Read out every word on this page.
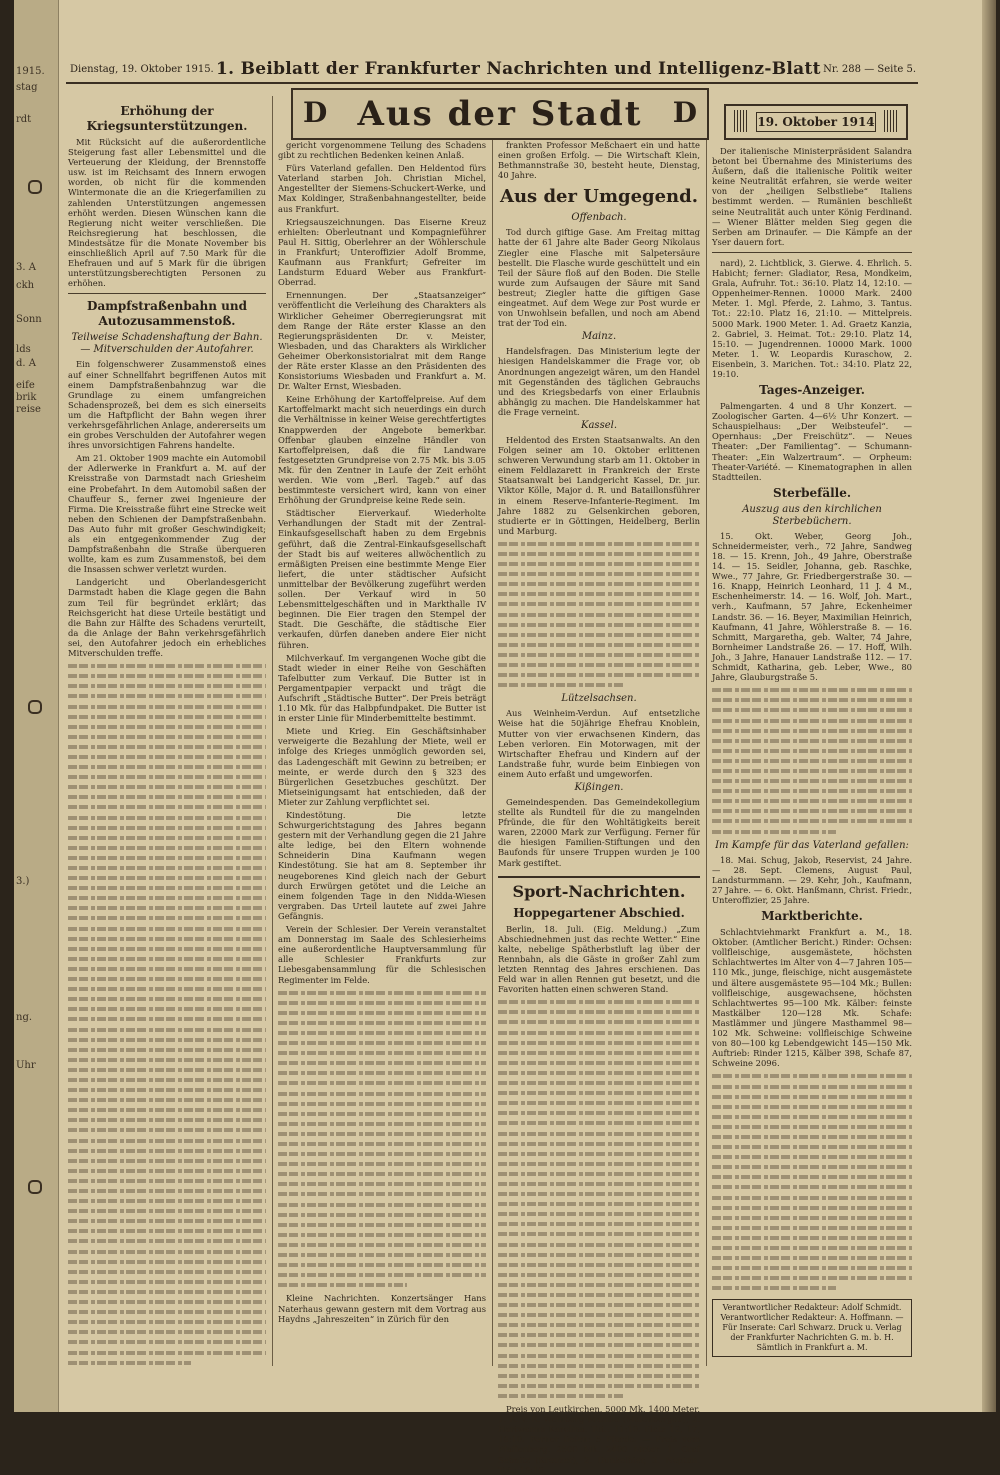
1915.
stag
rdt
3. A
ckh
Sonn
lds
d. A
eife
brik
reise
3.)
ng.
Uhr
Dienstag, 19. Oktober 1915. 1. Beiblatt der Frankfurter Nachrichten und Intelligenz-Blatt Nr. 288 — Seite 5.
D Aus der Stadt	D	19. Oktober 1914
Erhöhung der Kriegsunterstützungen.

Mit Rücksicht auf die außerordentliche Steigerung fast aller Lebensmittel und die Verteuerung der Kleidung, der Brennstoffe usw. ist im Reichsamt des Innern erwogen worden, ob nicht für die kommenden Wintermonate die an die Kriegerfamilien zu zahlenden Unterstützungen angemessen erhöht werden. Diesen Wünschen kann die Regierung nicht weiter verschließen. Die Reichsregierung hat beschlossen, die Mindestsätze für die Monate November bis einschließlich April auf 7.50 Mark für die Ehefrauen und auf 5 Mark für die übrigen unterstützungsberechtigten Personen zu erhöhen.

Dampfstraßenbahn und Autozusammenstoß.
Teilweise Schadenshaftung der Bahn. — Mitverschulden der Autofahrer.

Ein folgenschwerer Zusammenstoß eines auf einer Schnellfahrt begriffenen Autos mit einem Dampfstraßenbahnzug war die Grundlage zu einem umfangreichen Schadensprozeß, bei dem es sich einerseits um die Haftpflicht der Bahn wegen ihrer verkehrsgefährlichen Anlage, andererseits um ein grobes Verschulden der Autofahrer wegen ihres unvorsichtigen Fahrens handelte.

Am 21. Oktober 1909 machte ein Automobil der Adlerwerke in Frankfurt a. M. auf der Kreisstraße von Darmstadt nach Griesheim eine Probefahrt. In dem Automobil saßen der Chauffeur S., ferner zwei Ingenieure der Firma. Die Kreisstraße führt eine Strecke weit neben den Schienen der Dampfstraßenbahn. Das Auto fuhr mit großer Geschwindigkeit; als ein entgegenkommender Zug der Dampfstraßenbahn die Straße überqueren wollte, kam es zum Zusammenstoß, bei dem die Insassen schwer verletzt wurden.

Landgericht und Oberlandesgericht Darmstadt haben die Klage gegen die Bahn zum Teil für begründet erklärt; das Reichsgericht hat diese Urteile bestätigt und die Bahn zur Hälfte des Schadens verurteilt, da die Anlage der Bahn verkehrsgefährlich sei, den Autofahrer jedoch ein erhebliches Mitverschulden treffe.

gericht vorgenommene Teilung des Schadens gibt zu rechtlichen Bedenken keinen Anlaß.

Fürs Vaterland gefallen. Den Heldentod fürs Vaterland starben Joh. Christian Michel, Angestellter der Siemens-Schuckert-Werke, und Max Koldinger, Straßenbahnangestellter, beide aus Frankfurt.

Kriegsauszeichnungen. Das Eiserne Kreuz erhielten: Oberleutnant und Kompagnieführer Paul H. Sittig, Oberlehrer an der Wöhlerschule in Frankfurt; Unteroffizier Adolf Bromme, Kaufmann aus Frankfurt; Gefreiter im Landsturm Eduard Weber aus Frankfurt-Oberrad.

Ernennungen. Der „Staatsanzeiger“ veröffentlicht die Verleihung des Charakters als Wirklicher Geheimer Oberregierungsrat mit dem Range der Räte erster Klasse an den Regierungspräsidenten Dr. v. Meister, Wiesbaden, und das Charakters als Wirklicher Geheimer Oberkonsistorialrat mit dem Range der Räte erster Klasse an den Präsidenten des Konsistoriums Wiesbaden und Frankfurt a. M. Dr. Walter Ernst, Wiesbaden.

Keine Erhöhung der Kartoffelpreise. Auf dem Kartoffelmarkt macht sich neuerdings ein durch die Verhältnisse in keiner Weise gerechtfertigtes Knappwerden der Angebote bemerkbar. Offenbar glauben einzelne Händler von Kartoffelpreisen, daß die für Landware festgesetzten Grundpreise von 2.75 Mk. bis 3.05 Mk. für den Zentner in Laufe der Zeit erhöht werden. Wie vom „Berl. Tageb.“ auf das bestimmteste versichert wird, kann von einer Erhöhung der Grundpreise keine Rede sein.

Städtischer Eierverkauf. Wiederholte Verhandlungen der Stadt mit der Zentral-Einkaufsgesellschaft haben zu dem Ergebnis geführt, daß die Zentral-Einkaufsgesellschaft der Stadt bis auf weiteres allwöchentlich zu ermäßigten Preisen eine bestimmte Menge Eier liefert, die unter städtischer Aufsicht unmittelbar der Bevölkerung zugeführt werden sollen. Der Verkauf wird in 50 Lebensmittelgeschäften und in Markthalle IV beginnen. Die Eier tragen den Stempel der Stadt. Die Geschäfte, die städtische Eier verkaufen, dürfen daneben andere Eier nicht führen.

Milchverkauf. Im vergangenen Woche gibt die Stadt wieder in einer Reihe von Geschäften Tafelbutter zum Verkauf. Die Butter ist in Pergamentpapier verpackt und trägt die Aufschrift „Städtische Butter“. Der Preis beträgt 1.10 Mk. für das Halbpfundpaket. Die Butter ist in erster Linie für Minderbemittelte bestimmt.

Miete und Krieg. Ein Geschäftsinhaber verweigerte die Bezahlung der Miete, weil er infolge des Krieges unmöglich geworden sei, das Ladengeschäft mit Gewinn zu betreiben; er meinte, er werde durch den § 323 des Bürgerlichen Gesetzbuches geschützt. Der Mietseinigungsamt hat entschieden, daß der Mieter zur Zahlung verpflichtet sei.

Kindestötung. Die letzte Schwurgerichtstagung des Jahres begann gestern mit der Verhandlung gegen die 21 Jahre alte ledige, bei den Eltern wohnende Schneiderin Dina Kaufmann wegen Kindestötung. Sie hat am 8. September ihr neugeborenes Kind gleich nach der Geburt durch Erwürgen getötet und die Leiche an einem folgenden Tage in den Nidda-Wiesen vergraben. Das Urteil lautete auf zwei Jahre Gefängnis.

Verein der Schlesier. Der Verein veranstaltet am Donnerstag im Saale des Schlesierheims eine außerordentliche Hauptversammlung für alle Schlesier Frankfurts zur Liebesgabensammlung für die Schlesischen Regimenter im Felde.

Kleine Nachrichten. Konzertsänger Hans Naterhaus gewann gestern mit dem Vortrag aus Haydns „Jahreszeiten“ in Zürich für den

frankten Professor Meßchaert ein und hatte einen großen Erfolg. — Die Wirtschaft Klein, Bethmannstraße 30, besteht heute, Dienstag, 40 Jahre.

Aus der Umgegend.
Offenbach.

Tod durch giftige Gase. Am Freitag mittag hatte der 61 Jahre alte Bader Georg Nikolaus Ziegler eine Flasche mit Salpetersäure bestellt. Die Flasche wurde geschüttelt und ein Teil der Säure floß auf den Boden. Die Stelle wurde zum Aufsaugen der Säure mit Sand bestreut; Ziegler hatte die giftigen Gase eingeatmet. Auf dem Wege zur Post wurde er von Unwohlsein befallen, und noch am Abend trat der Tod ein.

Mainz.

Handelsfragen. Das Ministerium legte der hiesigen Handelskammer die Frage vor, ob Anordnungen angezeigt wären, um den Handel mit Gegenständen des täglichen Gebrauchs und des Kriegsbedarfs von einer Erlaubnis abhängig zu machen. Die Handelskammer hat die Frage verneint.

Kassel.

Heldentod des Ersten Staatsanwalts. An den Folgen seiner am 10. Oktober erlittenen schweren Verwundung starb am 11. Oktober in einem Feldlazarett in Frankreich der Erste Staatsanwalt bei Landgericht Kassel, Dr. jur. Viktor Kölle, Major d. R. und Bataillonsführer in einem Reserve-Infanterie-Regiment. Im Jahre 1882 zu Gelsenkirchen geboren, studierte er in Göttingen, Heidelberg, Berlin und Marburg.

Lützelsachsen.

Aus Weinheim-Verdun. Auf entsetzliche Weise hat die 50jährige Ehefrau Knoblein, Mutter von vier erwachsenen Kindern, das Leben verloren. Ein Motorwagen, mit der Wirtschafter Ehefrau und Kindern auf der Landstraße fuhr, wurde beim Einbiegen von einem Auto erfaßt und umgeworfen.

Kißingen.

Gemeindespenden. Das Gemeindekollegium stellte als Rundteil für die zu mangelnden Pfründe, die für den Wohltätigkeits bereit waren, 22000 Mark zur Verfügung. Ferner für die hiesigen Familien-Stiftungen und den Baufonds für unsere Truppen wurden je 100 Mark gestiftet.

Sport-Nachrichten.
Hoppegartener Abschied.

Berlin, 18. Juli. (Eig. Meldung.) „Zum Abschiednehmen just das rechte Wetter.“ Eine kalte, nebelige Spätherbstluft lag über der Rennbahn, als die Gäste in großer Zahl zum letzten Renntag des Jahres erschienen. Das Feld war in allen Rennen gut besetzt, und die Favoriten hatten einen schweren Stand.

Preis von Leutkirchen. 5000 Mk. 1400 Meter. 1. R. v. R. Weinberg Mamila (Malenbergau), 2. Hartwanns Karolina. Tot.: 11:10. Platz 12, 17, 18:10. Ferner liefen: 5 Pferde. — Preis vom Pfaffenberg. 2500 Mk. 2400 Meter. 1. Graf Sebnitz (Kreuzer), 2. Dunkelbier, 3. Neptun. Tot.: 18:10.

Der italienische Ministerpräsident Salandra betont bei Übernahme des Ministeriums des Äußern, daß die italienische Politik weiter keine Neutralität erfahren, sie werde weiter von der „heiligen Selbstliebe“ Italiens bestimmt werden. — Rumänien beschließt seine Neutralität auch unter König Ferdinand. — Wiener Blätter melden Sieg gegen die Serben am Drinaufer. — Die Kämpfe an der Yser dauern fort.

nard), 2. Lichtblick, 3. Gierwe. 4. Ehrlich. 5. Habicht; ferner: Gladiator, Resa, Mondkeim, Grala, Aufruhr. Tot.: 36:10. Platz 14, 12:10. — Oppenheimer-Rennen. 10000 Mark. 2400 Meter. 1. Mgl. Pferde, 2. Lahmo, 3. Tantus. Tot.: 22:10. Platz 16, 21:10. — Mittelpreis. 5000 Mark. 1900 Meter. 1. Ad. Graetz Kanzia, 2. Gabriel, 3. Heimat. Tot.: 29:10. Platz 14, 15:10. — Jugendrennen. 10000 Mark. 1000 Meter. 1. W. Leopardis Kuraschow, 2. Eisenbein, 3. Marichen. Tot.: 34:10. Platz 22, 19:10.

Tages-Anzeiger.

Palmengarten. 4 und 8 Uhr Konzert. — Zoologischer Garten. 4—6½ Uhr Konzert. — Schauspielhaus: „Der Weibsteufel“. — Opernhaus: „Der Freischütz“. — Neues Theater: „Der Familientag“. — Schumann-Theater: „Ein Walzertraum“. — Orpheum: Theater-Variété. — Kinematographen in allen Stadtteilen.

Sterbefälle.
Auszug aus den kirchlichen Sterbebüchern.

15. Okt. Weber, Georg Joh., Schneidermeister, verh., 72 Jahre, Sandweg 18. — 15. Krenn, Joh., 49 Jahre, Oberstraße 14. — 15. Seidler, Johanna, geb. Raschke, Wwe., 77 Jahre, Gr. Friedbergerstraße 30. — 16. Knapp, Heinrich Leonhard, 11 J. 4 M., Eschenheimerstr. 14. — 16. Wolf, Joh. Mart., verh., Kaufmann, 57 Jahre, Eckenheimer Landstr. 36. — 16. Beyer, Maximilian Heinrich, Kaufmann, 41 Jahre, Wöhlerstraße 8. — 16. Schmitt, Margaretha, geb. Walter, 74 Jahre, Bornheimer Landstraße 26. — 17. Hoff, Wilh. Joh., 3 Jahre, Hanauer Landstraße 112. — 17. Schmidt, Katharina, geb. Leber, Wwe., 80 Jahre, Glauburgstraße 5.

Im Kampfe für das Vaterland gefallen:

18. Mai. Schug, Jakob, Reservist, 24 Jahre. — 28. Sept. Clemens, August Paul, Landsturmmann. — 29. Kehr, Joh., Kaufmann, 27 Jahre. — 6. Okt. Hanßmann, Christ. Friedr., Unteroffizier, 25 Jahre.

Marktberichte.

Schlachtviehmarkt Frankfurt a. M., 18. Oktober. (Amtlicher Bericht.) Rinder: Ochsen: vollfleischige, ausgemästete, höchsten Schlachtwertes im Alter von 4—7 Jahren 105—110 Mk., junge, fleischige, nicht ausgemästete und ältere ausgemästete 95—104 Mk.; Bullen: vollfleischige, ausgewachsene, höchsten Schlachtwertes 95—100 Mk. Kälber: feinste Mastkälber 120—128 Mk. Schafe: Mastlämmer und jüngere Masthammel 98—102 Mk. Schweine: vollfleischige Schweine von 80—100 kg Lebendgewicht 145—150 Mk. Auftrieb: Rinder 1215, Kälber 398, Schafe 87, Schweine 2096.

Verantwortlicher Redakteur: Adolf Schmidt. Verantwortlicher Redakteur: A. Hoffmann. — Für Inserate: Carl Schwarz. Druck u. Verlag der Frankfurter Nachrichten G. m. b. H. Sämtlich in Frankfurt a. M.
